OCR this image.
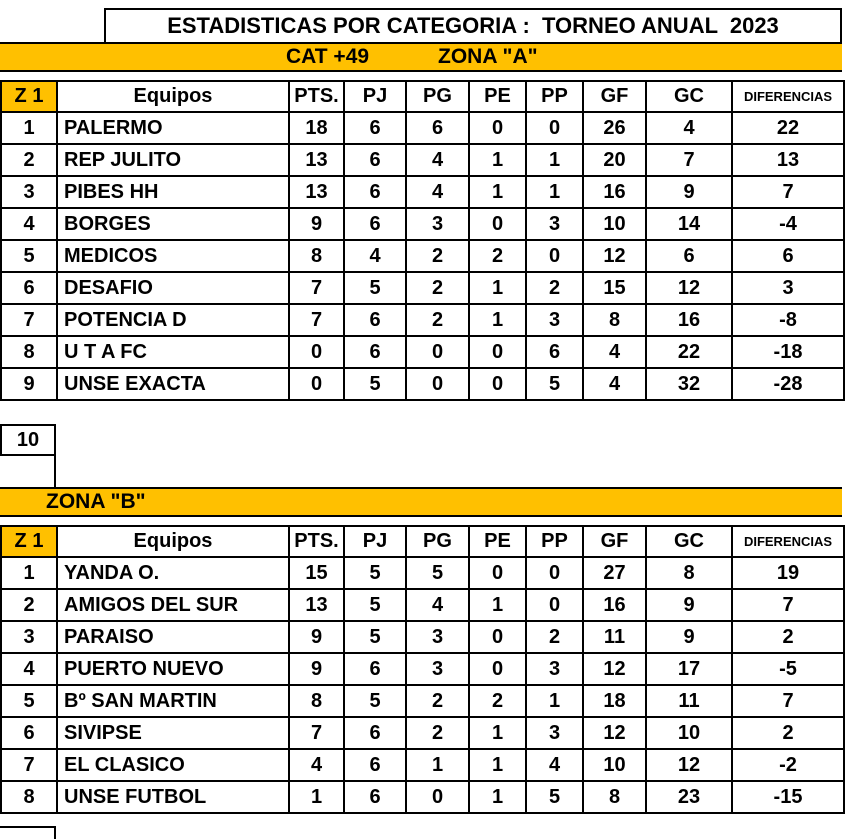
ESTADISTICAS POR CATEGORIA :  TORNEO ANUAL  2023
CAT +49	ZONA "A"
Z 1	Equipos	PTS.	PJ	PG	PE	PP	GF	GC	DIFERENCIAS
1	PALERMO	18	6	6	0	0	26	4	22
2	REP JULITO	13	6	4	1	1	20	7	13
3	PIBES HH	13	6	4	1	1	16	9	7
4	BORGES	9	6	3	0	3	10	14	-4
5	MEDICOS	8	4	2	2	0	12	6	6
6	DESAFIO	7	5	2	1	2	15	12	3
7	POTENCIA D	7	6	2	1	3	8	16	-8
8	U T A FC	0	6	0	0	6	4	22	-18
9	UNSE EXACTA	0	5	0	0	5	4	32	-28
10
ZONA "B"
Z 1	Equipos	PTS.	PJ	PG	PE	PP	GF	GC	DIFERENCIAS
1	YANDA O.	15	5	5	0	0	27	8	19
2	AMIGOS DEL SUR	13	5	4	1	0	16	9	7
3	PARAISO	9	5	3	0	2	11	9	2
4	PUERTO NUEVO	9	6	3	0	3	12	17	-5
5	Bº SAN MARTIN	8	5	2	2	1	18	11	7
6	SIVIPSE	7	6	2	1	3	12	10	2
7	EL CLASICO	4	6	1	1	4	10	12	-2
8	UNSE FUTBOL	1	6	0	1	5	8	23	-15
